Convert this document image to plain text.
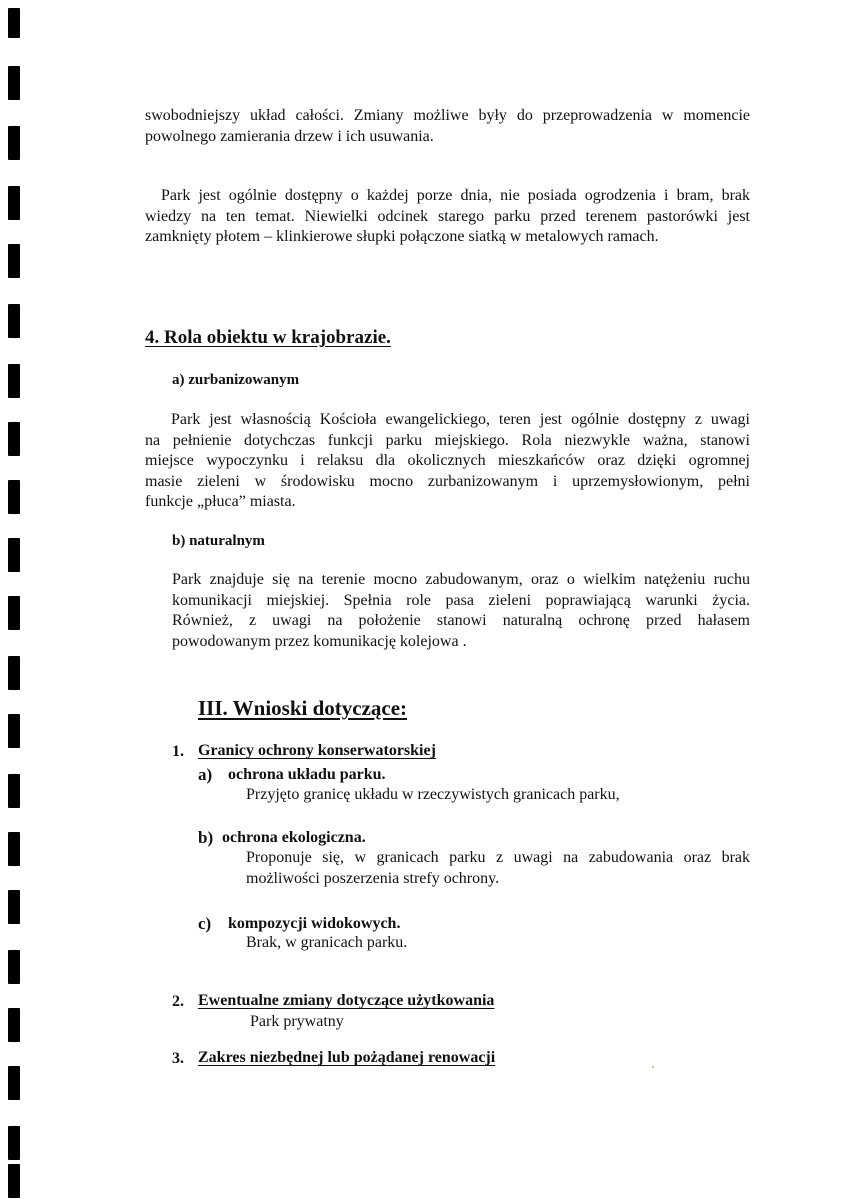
swobodniejszy układ całości. Zmiany możliwe były do przeprowadzenia w momencie
powolnego zamierania drzew i ich usuwania.
Park jest ogólnie dostępny o każdej porze dnia, nie posiada ogrodzenia i bram, brak
wiedzy na ten temat. Niewielki odcinek starego parku przed terenem pastorówki jest
zamknięty płotem – klinkierowe słupki połączone siatką w metalowych ramach.
4. Rola obiektu w krajobrazie.
a) zurbanizowanym
Park jest własnością Kościoła ewangelickiego, teren jest ogólnie dostępny z uwagi
na pełnienie dotychczas funkcji parku miejskiego. Rola niezwykle ważna, stanowi
miejsce wypoczynku i relaksu dla okolicznych mieszkańców oraz dzięki ogromnej
masie zieleni w środowisku mocno zurbanizowanym i uprzemysłowionym, pełni
funkcje „płuca” miasta.
b) naturalnym
Park znajduje się na terenie mocno zabudowanym, oraz o wielkim natężeniu ruchu
komunikacji miejskiej. Spełnia role pasa zieleni poprawiającą warunki życia.
Również, z uwagi na położenie stanowi naturalną ochronę przed hałasem
powodowanym przez komunikację kolejowa .
III. Wnioski dotyczące:
1. Granicy ochrony konserwatorskiej
a) ochrona układu parku.
Przyjęto granicę układu w rzeczywistych granicach parku,
b) ochrona ekologiczna.
Proponuje się, w granicach parku z uwagi na zabudowania oraz brak
możliwości poszerzenia strefy ochrony.
c) kompozycji widokowych.
Brak, w granicach parku.
2. Ewentualne zmiany dotyczące użytkowania
Park prywatny
3. Zakres niezbędnej lub pożądanej renowacji
